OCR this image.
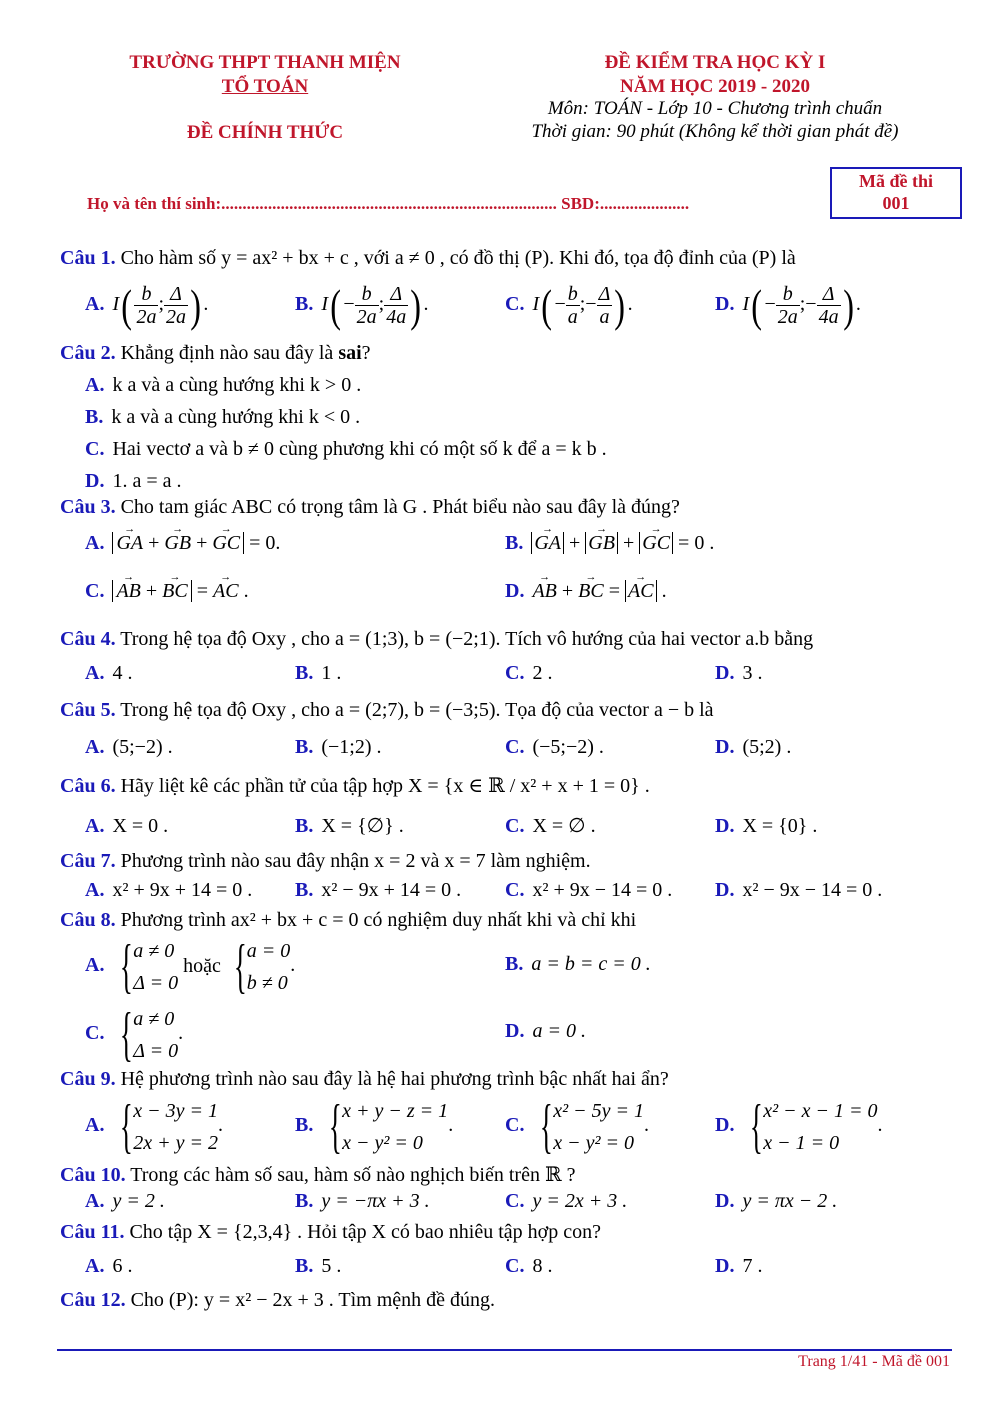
TRƯỜNG THPT THANH MIỆN
TỔ TOÁN
ĐỀ CHÍNH THỨC
ĐỀ KIỂM TRA HỌC KỲ I
NĂM HỌC 2019 - 2020
Môn: TOÁN - Lớp 10 - Chương trình chuẩn
Thời gian: 90 phút (Không kể thời gian phát đề)
Họ và tên thí sinh:............................................................................... SBD:.....................
Mã đề thi
001
Câu 1. Cho hàm số y = ax² + bx + c , với a ≠ 0 , có đồ thị (P). Khi đó, tọa độ đỉnh của (P) là
A. $I( \frac{b}{2a}$ ; $\frac{\Delta}{2a}$ ) .	B. $I( - \frac{b}{2a}$ ; $\frac{\Delta}{4a}$ ) .	C. $I( - \frac{b}{a}$ ;− $\frac{\Delta}{a}$ ) .	D. $I( - \frac{b}{2a}$ ;− $\frac{\Delta}{4a}$ ) .
Câu 2. Khẳng định nào sau đây là sai?
A. k a và a cùng hướng khi k > 0 .
B. k a và a cùng hướng khi k < 0 .
C. Hai vectơ a và b ≠ 0 cùng phương khi có một số k để a = k b .
D. 1. a = a .
Câu 3. Cho tam giác ABC có trọng tâm là G . Phát biểu nào sau đây là đúng?
A. → GA + → GB + → GC = 0.	B. → GA + → GB + → GC = 0 .
C. → AB + → BC = → AC .	D. → AB + → BC = → AC .
Câu 4. Trong hệ tọa độ Oxy , cho a = (1;3), b = (−2;1). Tích vô hướng của hai vector a.b bằng
A. 4 .	B. 1 .	C. 2 .	D. 3 .
Câu 5. Trong hệ tọa độ Oxy , cho a = (2;7), b = (−3;5). Tọa độ của vector a − b là
A. (5;−2) .	B. (−1;2) .	C. (−5;−2) .	D. (5;2) .
Câu 6. Hãy liệt kê các phần tử của tập hợp X = {x ∈ ℝ / x² + x + 1 = 0} .
A. X = 0 .	B. X = {∅} .	C. X = ∅ .	D. X = {0} .
Câu 7. Phương trình nào sau đây nhận x = 2 và x = 7 làm nghiệm.
A. x² + 9x + 14 = 0 . B. x² − 9x + 14 = 0 . C. x² + 9x − 14 = 0 . D. x² − 9x − 14 = 0 .
Câu 8. Phương trình ax² + bx + c = 0 có nghiệm duy nhất khi và chỉ khi
A. { a ≠ 0
Δ = 0
hoặc { a = 0
b ≠ 0
.	B. a = b = c = 0 .
C. { a ≠ 0
Δ = 0
.	D. a = 0 .
Câu 9. Hệ phương trình nào sau đây là hệ hai phương trình bậc nhất hai ẩn?
A. { x − 3y = 1
2x + y = 2
.	B. { x + y − z = 1
x − y² = 0
.	C. { x² − 5y = 1
x − y² = 0
.	D. { x² − x − 1 = 0
x − 1 = 0
.
Câu 10. Trong các hàm số sau, hàm số nào nghịch biến trên ℝ ?
A. y = 2 .	B. y = −πx + 3 .	C. y = 2x + 3 .	D. y = πx − 2 .
Câu 11. Cho tập X = {2,3,4} . Hỏi tập X có bao nhiêu tập hợp con?
A. 6 .	B. 5 .	C. 8 .	D. 7 .
Câu 12. Cho (P): y = x² − 2x + 3 . Tìm mệnh đề đúng.
Trang 1/41 - Mã đề 001
